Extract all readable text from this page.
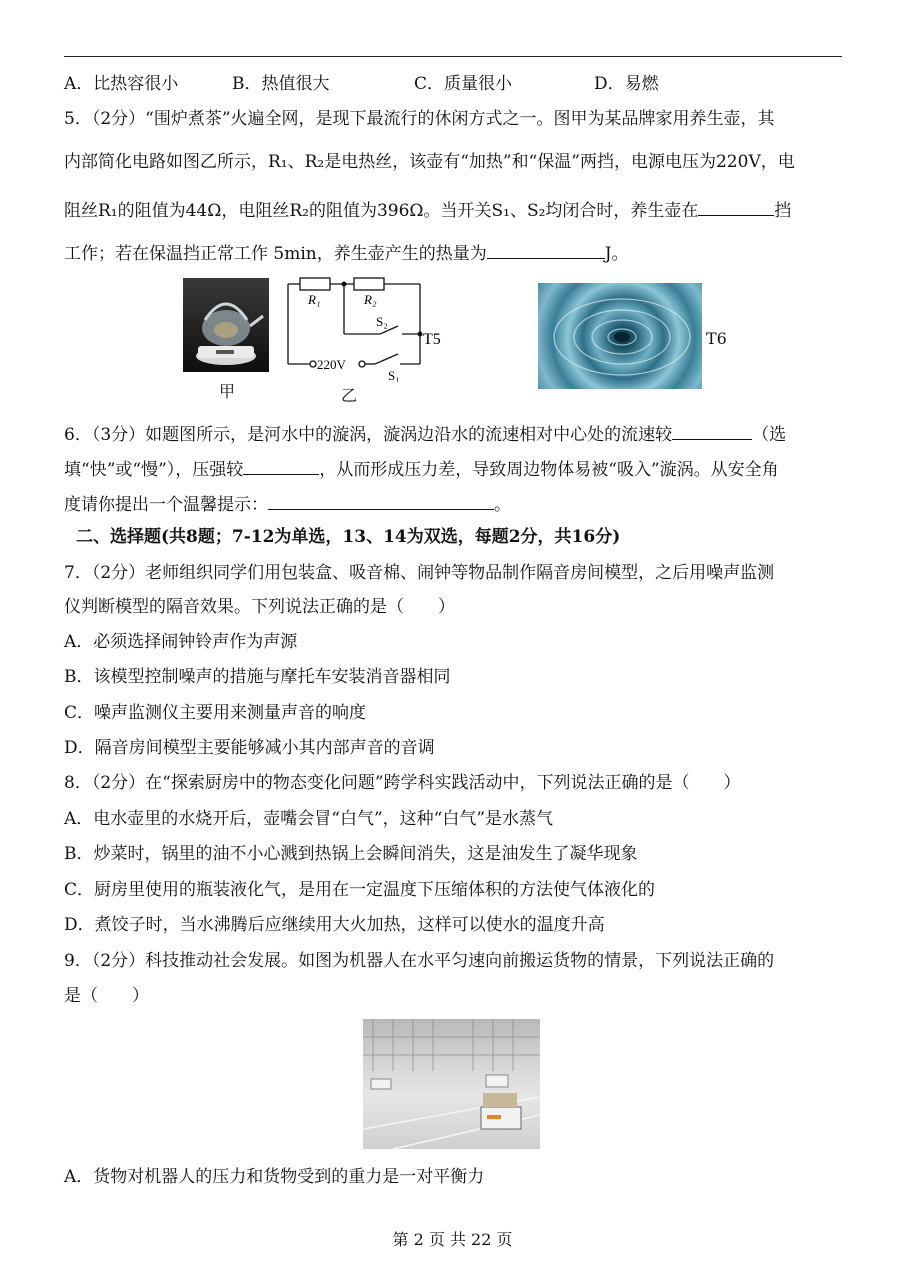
A．比热容很小	B．热值很大	C．质量很小	D．易燃
5．（2分）“围炉煮茶”火遍全网，是现下最流行的休闲方式之一。图甲为某品牌家用养生壶，其
内部简化电路如图乙所示，R₁、R₂是电热丝，该壶有“加热”和“保温”两挡，电源电压为220V，电
阻丝R₁的阻值为44Ω，电阻丝R₂的阻值为396Ω。当开关S₁、S₂均闭合时，养生壶在	挡
工作；若在保温挡正常工作 5min，养生壶产生的热量为	J。
甲
R₁	R₂
S₂
S₁
220V
T5
乙
T6
6．（3分）如题图所示，是河水中的漩涡，漩涡边沿水的流速相对中心处的流速较	（选
填“快”或“慢”），压强较	，从而形成压力差，导致周边物体易被“吸入”漩涡。从安全角
度请你提出一个温馨提示：	。
二、选择题(共8题；7-12为单选，13、14为双选，每题2分，共16分)
7．（2分）老师组织同学们用包装盒、吸音棉、闹钟等物品制作隔音房间模型，之后用噪声监测
仪判断模型的隔音效果。下列说法正确的是（　　）
A．必须选择闹钟铃声作为声源
B．该模型控制噪声的措施与摩托车安装消音器相同
C．噪声监测仪主要用来测量声音的响度
D．隔音房间模型主要能够减小其内部声音的音调
8．（2分）在“探索厨房中的物态变化问题”跨学科实践活动中，下列说法正确的是（　　）
A．电水壶里的水烧开后，壶嘴会冒“白气”，这种“白气”是水蒸气
B．炒菜时，锅里的油不小心溅到热锅上会瞬间消失，这是油发生了凝华现象
C．厨房里使用的瓶装液化气，是用在一定温度下压缩体积的方法使气体液化的
D．煮饺子时，当水沸腾后应继续用大火加热，这样可以使水的温度升高
9．（2分）科技推动社会发展。如图为机器人在水平匀速向前搬运货物的情景，下列说法正确的
是（　　）
A．货物对机器人的压力和货物受到的重力是一对平衡力
第 2 页 共 22 页
